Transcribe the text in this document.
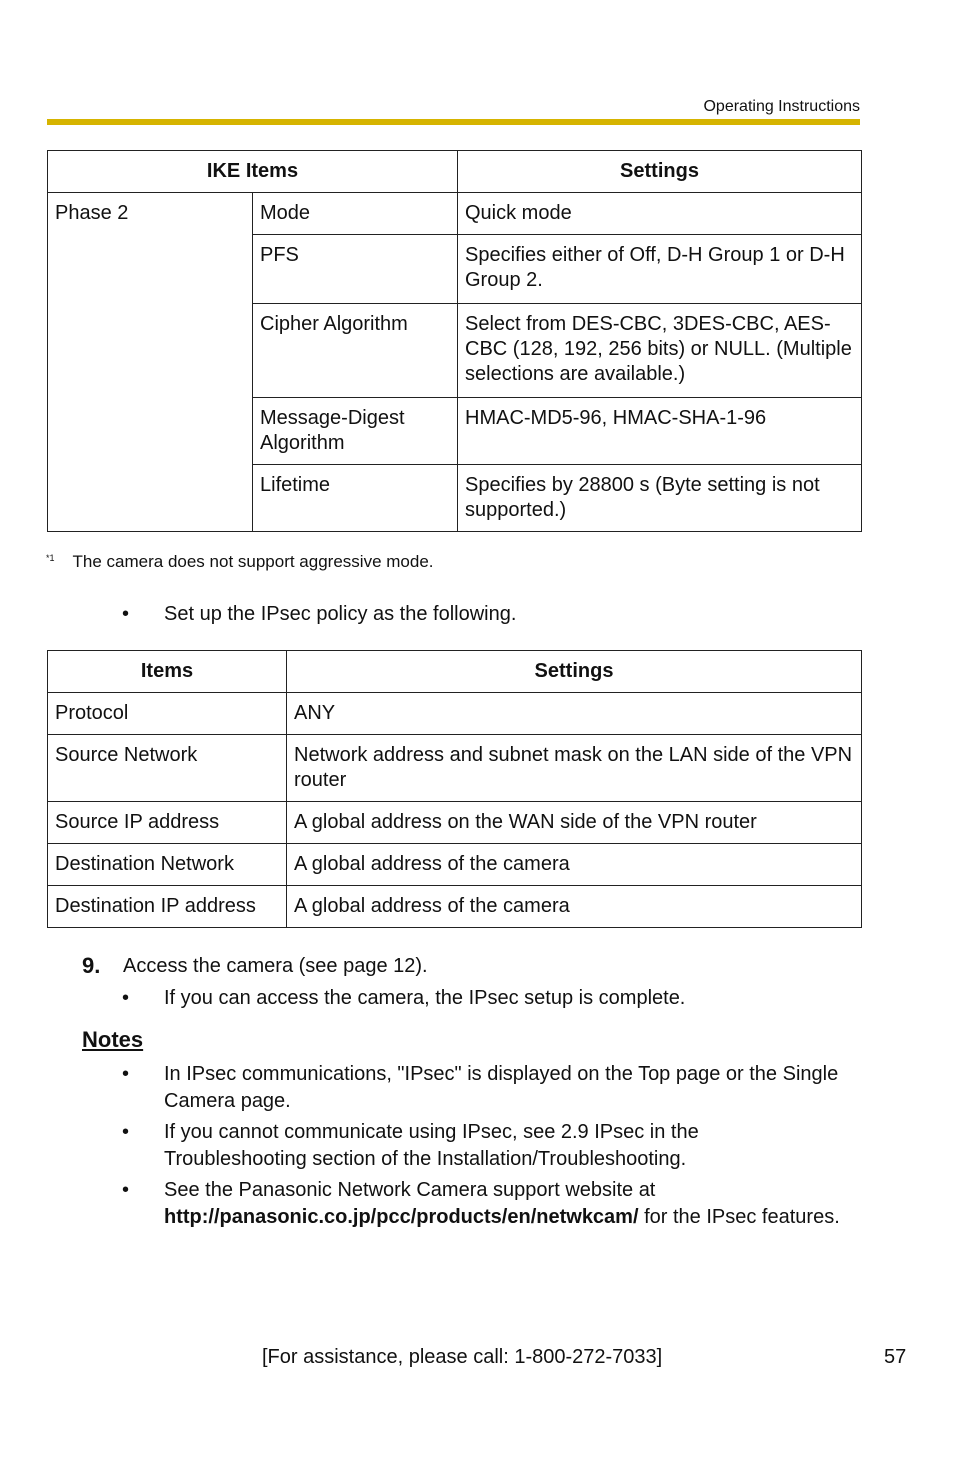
Operating Instructions
IKE Items		Settings
Phase 2	Mode	Quick mode
	PFS	Specifies either of Off, D-H Group 1 or D-H Group 2.
	Cipher Algorithm	Select from DES-CBC, 3DES-CBC, AES-CBC (128, 192, 256 bits) or NULL. (Multiple selections are available.)
	Message-Digest Algorithm	HMAC-MD5-96, HMAC-SHA-1-96
	Lifetime	Specifies by 28800 s (Byte setting is not supported.)
$^{*1}$ The camera does not support aggressive mode.
• Set up the IPsec policy as the following.
Items	Settings
Protocol	ANY
Source Network	Network address and subnet mask on the LAN side of the VPN router
Source IP address	A global address on the WAN side of the VPN router
Destination Network	A global address of the camera
Destination IP address	A global address of the camera
9. Access the camera (see page 12).
• If you can access the camera, the IPsec setup is complete.
Notes
• In IPsec communications, "IPsec" is displayed on the Top page or the Single Camera page.
• If you cannot communicate using IPsec, see 2.9 IPsec in the Troubleshooting section of the Installation/Troubleshooting.
• See the Panasonic Network Camera support website at
http://panasonic.co.jp/pcc/products/en/netwkcam/ for the IPsec features.
[For assistance, please call: 1-800-272-7033]	57
